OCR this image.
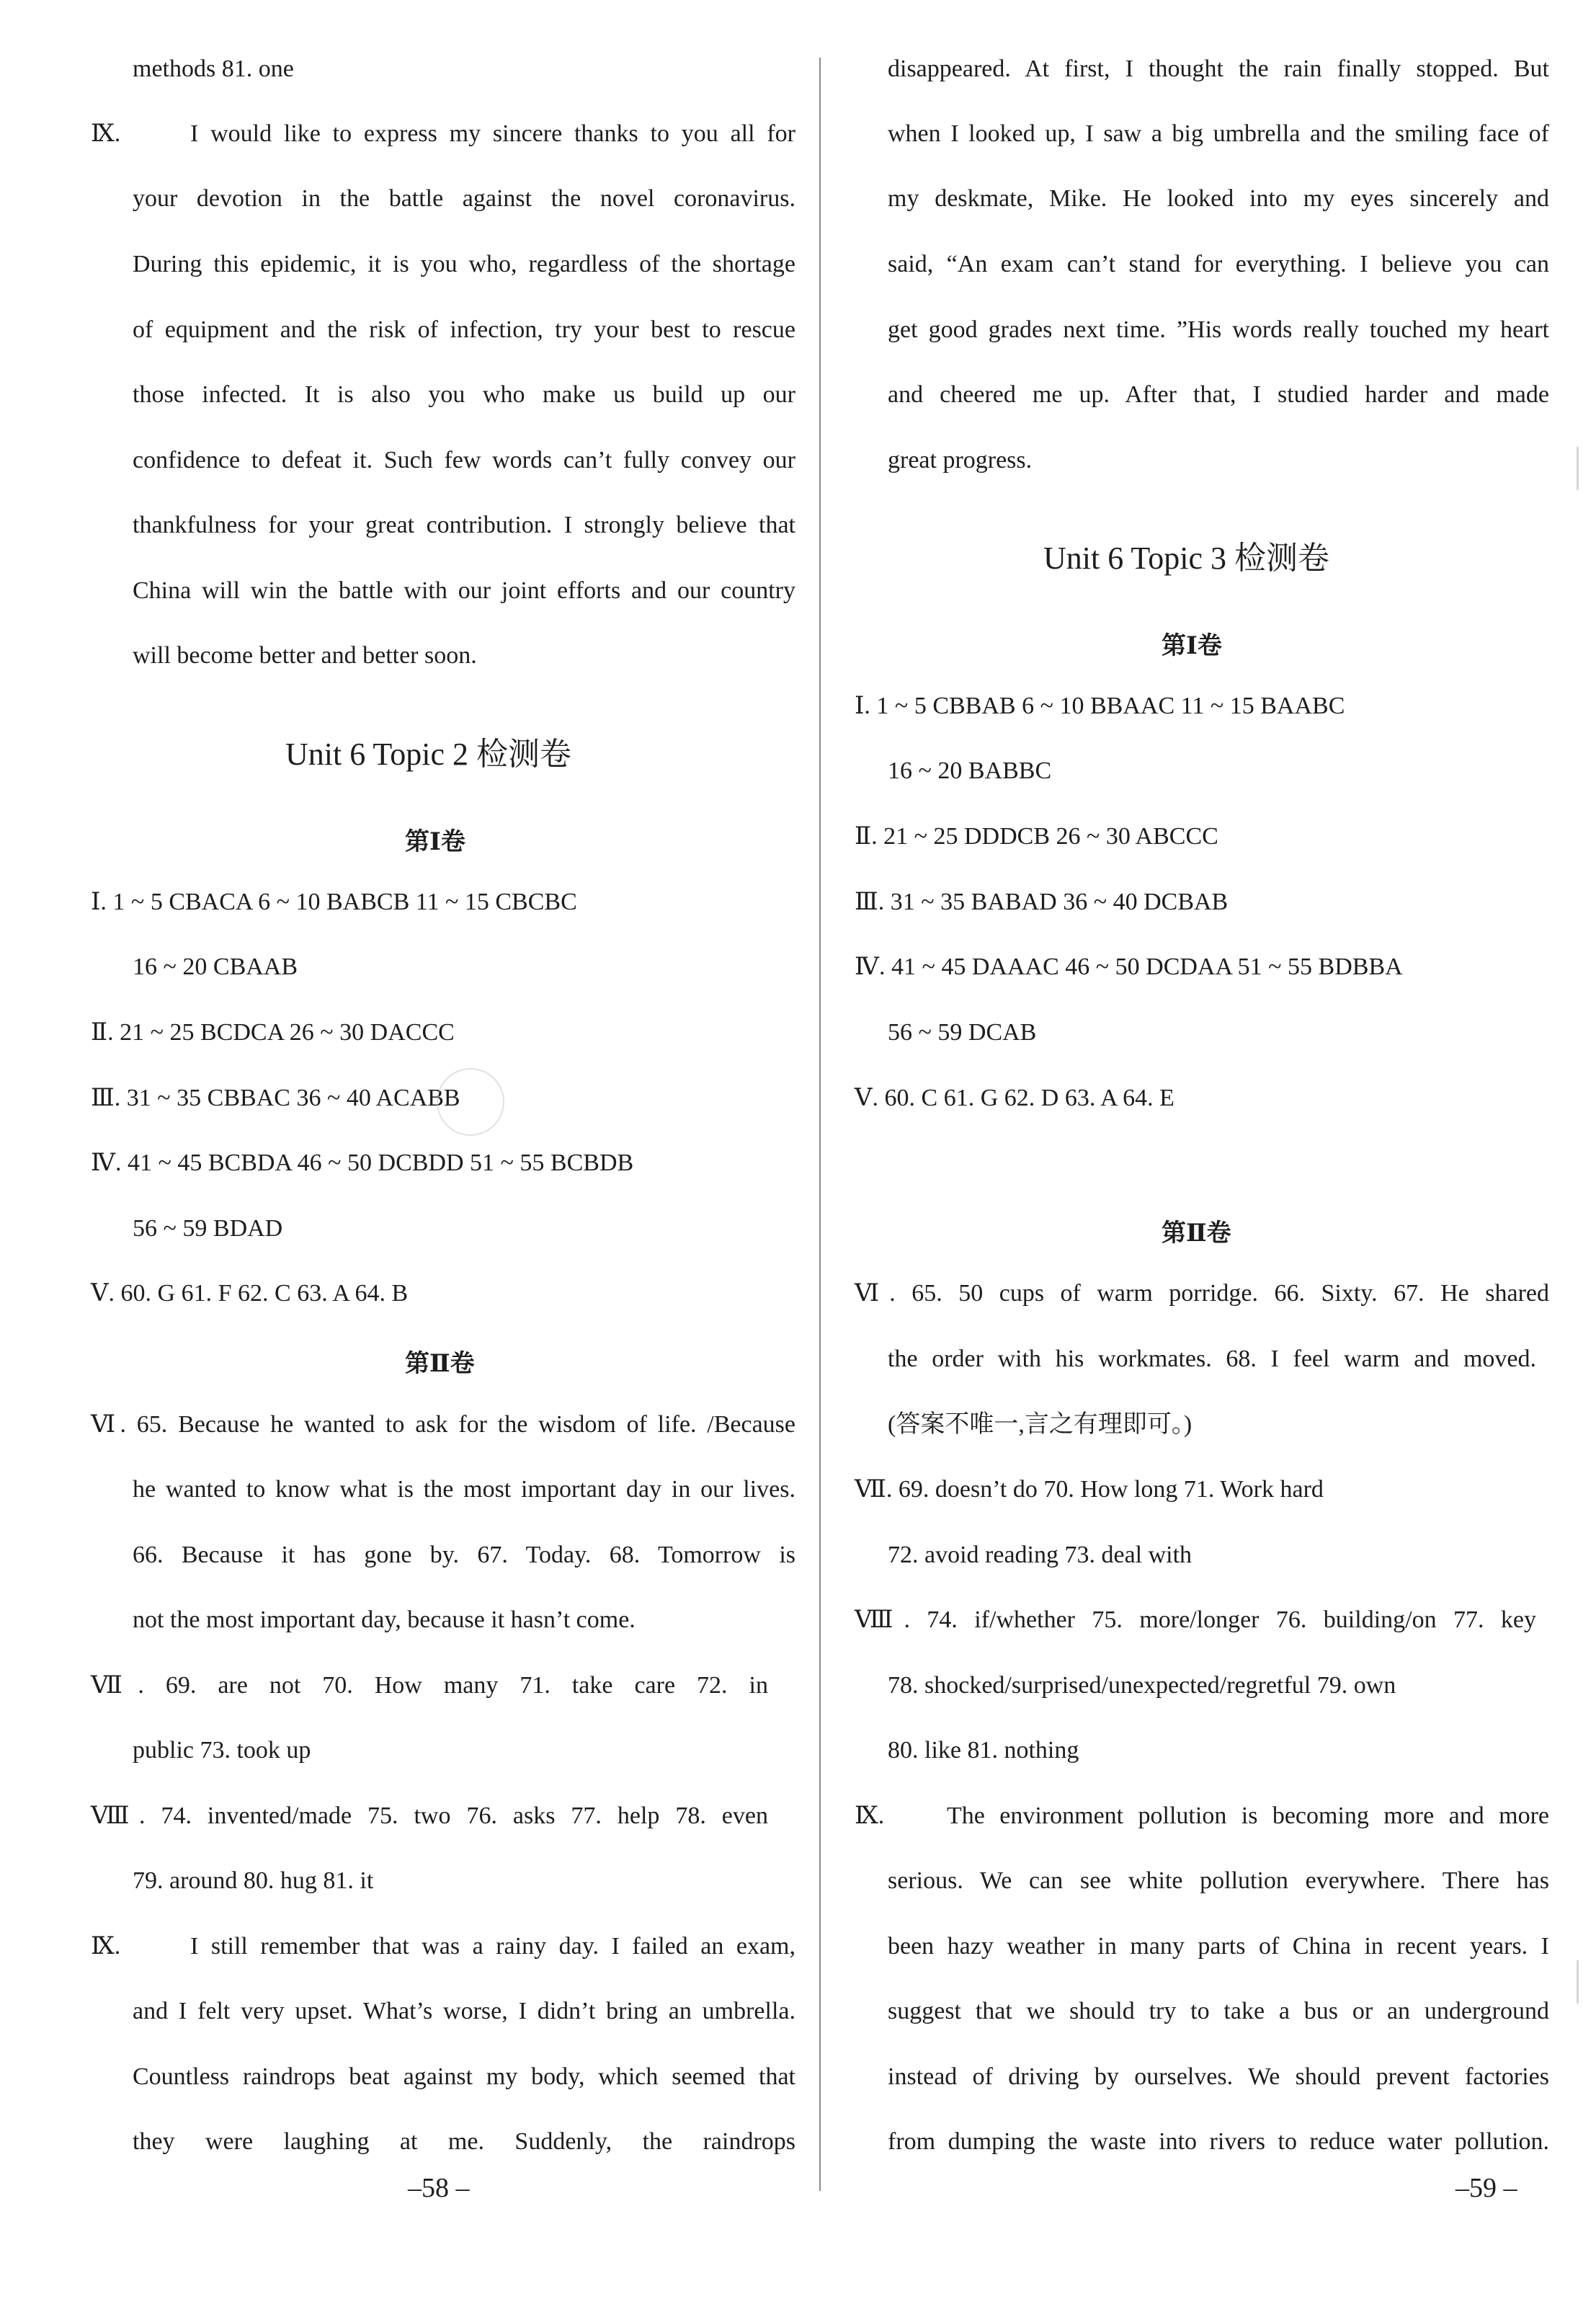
methods 81. one
Ⅸ.	I would like to express my sincere thanks to you all for
your devotion in the battle against the novel coronavirus.
During this epidemic, it is you who, regardless of the shortage
of equipment and the risk of infection, try your best to rescue
those infected. It is also you who make us build up our
confidence to defeat it. Such few words can’t fully convey our
thankfulness for your great contribution. I strongly believe that
China will win the battle with our joint efforts and our country
will become better and better soon.
Unit 6 Topic 2 检测卷
第Ⅰ卷
Ⅰ. 1 ~ 5 CBACA 6 ~ 10 BABCB 11 ~ 15 CBCBC
16 ~ 20 CBAAB
Ⅱ. 21 ~ 25 BCDCA 26 ~ 30 DACCC
Ⅲ. 31 ~ 35 CBBAC 36 ~ 40 ACABB
Ⅳ. 41 ~ 45 BCBDA 46 ~ 50 DCBDD 51 ~ 55 BCBDB
56 ~ 59 BDAD
Ⅴ. 60. G 61. F 62. C 63. A 64. B
第Ⅱ卷
Ⅵ. 65. Because he wanted to ask for the wisdom of life. /Because
he wanted to know what is the most important day in our lives.
66. Because it has gone by. 67. Today. 68. Tomorrow is
not the most important day, because it hasn’t come.
Ⅶ. 69. are not 70. How many 71. take care 72. in
public 73. took up
Ⅷ. 74. invented/made 75. two 76. asks 77. help 78. even
79. around 80. hug 81. it
Ⅸ.	I still remember that was a rainy day. I failed an exam,
and I felt very upset. What’s worse, I didn’t bring an umbrella.
Countless raindrops beat against my body, which seemed that
they were laughing at me. Suddenly, the raindrops
–58 –
disappeared. At first, I thought the rain finally stopped. But
when I looked up, I saw a big umbrella and the smiling face of
my deskmate, Mike. He looked into my eyes sincerely and
said, “An exam can’t stand for everything. I believe you can
get good grades next time. ”His words really touched my heart
and cheered me up. After that, I studied harder and made
great progress.
Unit 6 Topic 3 检测卷
第Ⅰ卷
Ⅰ. 1 ~ 5 CBBAB 6 ~ 10 BBAAC 11 ~ 15 BAABC
16 ~ 20 BABBC
Ⅱ. 21 ~ 25 DDDCB 26 ~ 30 ABCCC
Ⅲ. 31 ~ 35 BABAD 36 ~ 40 DCBAB
Ⅳ. 41 ~ 45 DAAAC 46 ~ 50 DCDAA 51 ~ 55 BDBBA
56 ~ 59 DCAB
Ⅴ. 60. C 61. G 62. D 63. A 64. E
第Ⅱ卷
Ⅵ. 65. 50 cups of warm porridge. 66. Sixty. 67. He shared
the order with his workmates. 68. I feel warm and moved.
(答案不唯一,言之有理即可。)
Ⅶ. 69. doesn’t do 70. How long 71. Work hard
72. avoid reading 73. deal with
Ⅷ. 74. if/whether 75. more/longer 76. building/on 77. key
78. shocked/surprised/unexpected/regretful 79. own
80. like 81. nothing
Ⅸ.	The environment pollution is becoming more and more
serious. We can see white pollution everywhere. There has
been hazy weather in many parts of China in recent years. I
suggest that we should try to take a bus or an underground
instead of driving by ourselves. We should prevent factories
from dumping the waste into rivers to reduce water pollution.
–59 –
